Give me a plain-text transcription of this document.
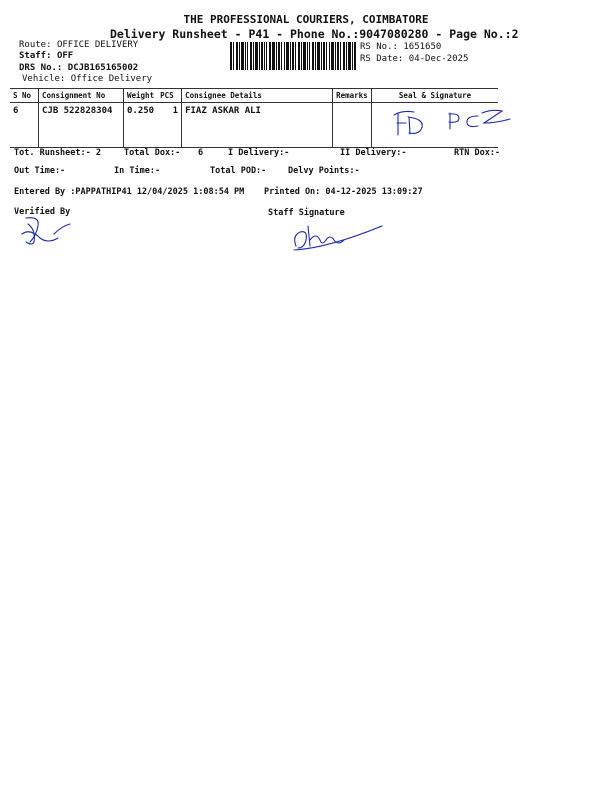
THE PROFESSIONAL COURIERS, COIMBATORE
Delivery Runsheet - P41 - Phone No.:9047080280 - Page No.:2
Route: OFFICE DELIVERY
Staff: OFF
DRS No.: DCJB165165002
Vehicle: Office Delivery
RS No.: 1651650
RS Date: 04-Dec-2025
S No	Consignment No	Weight	PCS	Consignee Details	Remarks	Seal & Signature
6	CJB 522828304	0.250	1	FIAZ ASKAR ALI		
Tot. Runsheet:- 2	Total Dox:- 6	I Delivery:-	II Delivery:-	RTN Dox:-
Out Time:-	In Time:-	Total POD:-	Delvy Points:-
Entered By :PAPPATHIP41 12/04/2025 1:08:54 PM Printed On: 04-12-2025 13:09:27
Verified By	Staff Signature
